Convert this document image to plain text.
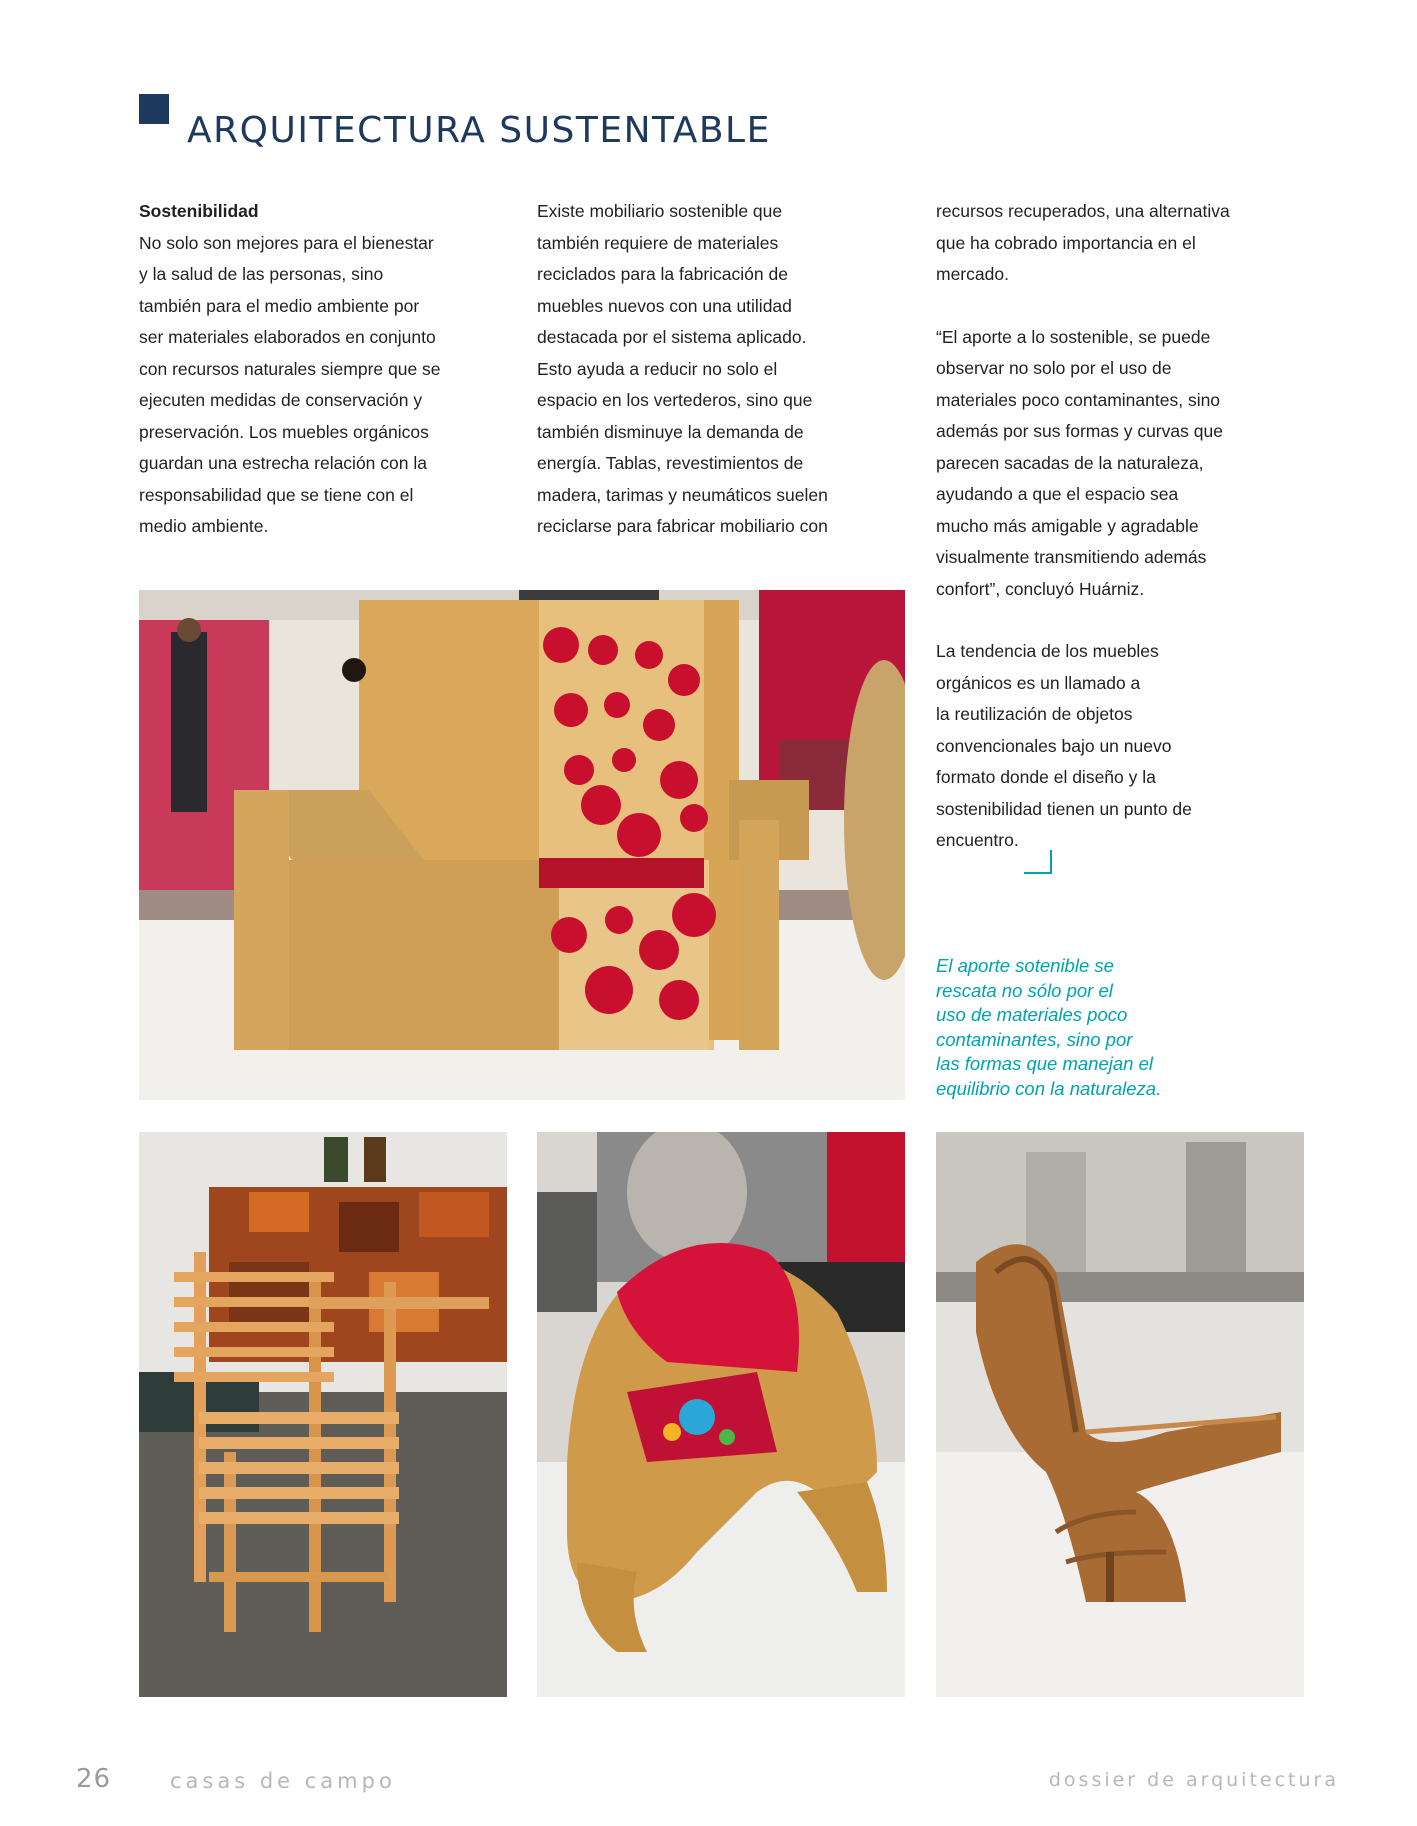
ARQUITECTURA SUSTENTABLE
Sostenibilidad

No solo son mejores para el bienestar

y la salud de las personas, sino

también para el medio ambiente por

ser materiales elaborados en conjunto

con recursos naturales siempre que se

ejecuten medidas de conservación y

preservación. Los muebles orgánicos

guardan una estrecha relación con la

responsabilidad que se tiene con el

medio ambiente.

Existe mobiliario sostenible que

también requiere de materiales

reciclados para la fabricación de

muebles nuevos con una utilidad

destacada por el sistema aplicado.

Esto ayuda a reducir no solo el

espacio en los vertederos, sino que

también disminuye la demanda de

energía. Tablas, revestimientos de

madera, tarimas y neumáticos suelen

reciclarse para fabricar mobiliario con

recursos recuperados, una alternativa

que ha cobrado importancia en el

mercado.

“El aporte a lo sostenible, se puede

observar no solo por el uso de

materiales poco contaminantes, sino

además por sus formas y curvas que

parecen sacadas de la naturaleza,

ayudando a que el espacio sea

mucho más amigable y agradable

visualmente transmitiendo además

confort”, concluyó Huárniz.

La tendencia de los muebles

orgánicos es un llamado a

la reutilización de objetos

convencionales bajo un nuevo

formato donde el diseño y la

sostenibilidad tienen un punto de

encuentro.

El aporte sotenible se
rescata no sólo por el
uso de materiales poco
contaminantes, sino por
las formas que manejan el
equilibrio con la naturaleza.
26	casas de campo	dossier de arquitectura
